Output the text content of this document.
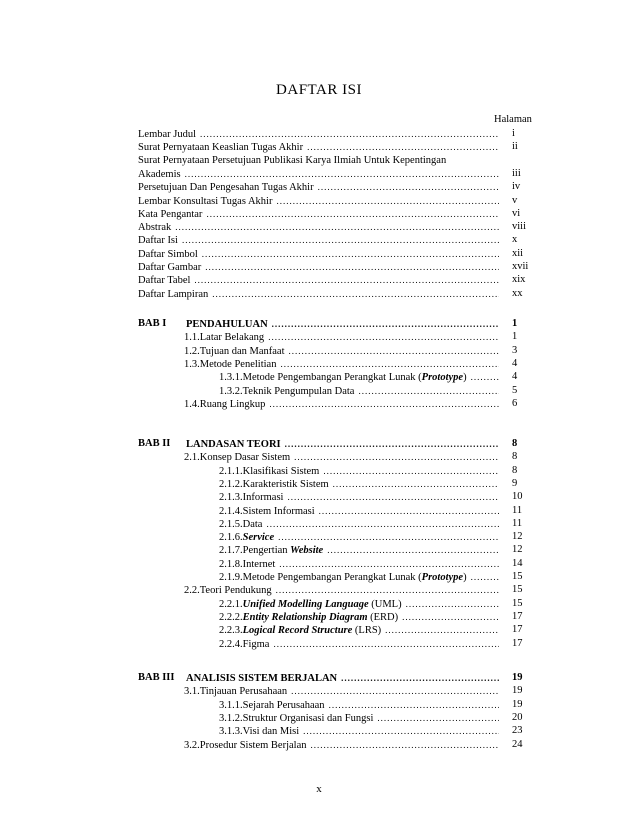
DAFTAR ISI
Halaman
Lembar Judul .....	i
Surat Pernyataan Keaslian Tugas Akhir .....	ii
Surat Pernyataan Persetujuan Publikasi Karya Ilmiah Untuk Kepentingan
Akademis .....	iii
Persetujuan Dan Pengesahan Tugas Akhir .....	iv
Lembar Konsultasi Tugas Akhir .....	v
Kata Pengantar .....	vi
Abstrak .....	viii
Daftar Isi .....	x
Daftar Simbol .....	xii
Daftar Gambar .....	xvii
Daftar Tabel .....	xix
Daftar Lampiran .....	xx
BAB I PENDAHULUAN .....	1
1.1. Latar Belakang .....	1
1.2. Tujuan dan Manfaat .....	3
1.3. Metode Penelitian .....	4
1.3.1. Metode Pengembangan Perangkat Lunak (Prototype) .....	4
1.3.2. Teknik Pengumpulan Data .....	5
1.4. Ruang Lingkup .....	6
BAB II LANDASAN TEORI .....	8
2.1. Konsep Dasar Sistem .....	8
2.1.1. Klasifikasi Sistem .....	8
2.1.2. Karakteristik Sistem .....	9
2.1.3. Informasi .....	10
2.1.4. Sistem Informasi .....	11
2.1.5. Data .....	11
2.1.6. Service .....	12
2.1.7. Pengertian Website .....	12
2.1.8. Internet .....	14
2.1.9. Metode Pengembangan Perangkat Lunak (Prototype) .....	15
2.2. Teori Pendukung .....	15
2.2.1. Unified Modelling Language (UML) .....	15
2.2.2. Entity Relationship Diagram (ERD) .....	17
2.2.3. Logical Record Structure (LRS) .....	17
2.2.4. Figma .....	17
BAB III ANALISIS SISTEM BERJALAN .....	19
3.1. Tinjauan Perusahaan .....	19
3.1.1. Sejarah Perusahaan .....	19
3.1.2. Struktur Organisasi dan Fungsi .....	20
3.1.3. Visi dan Misi .....	23
3.2. Prosedur Sistem Berjalan .....	24
x
